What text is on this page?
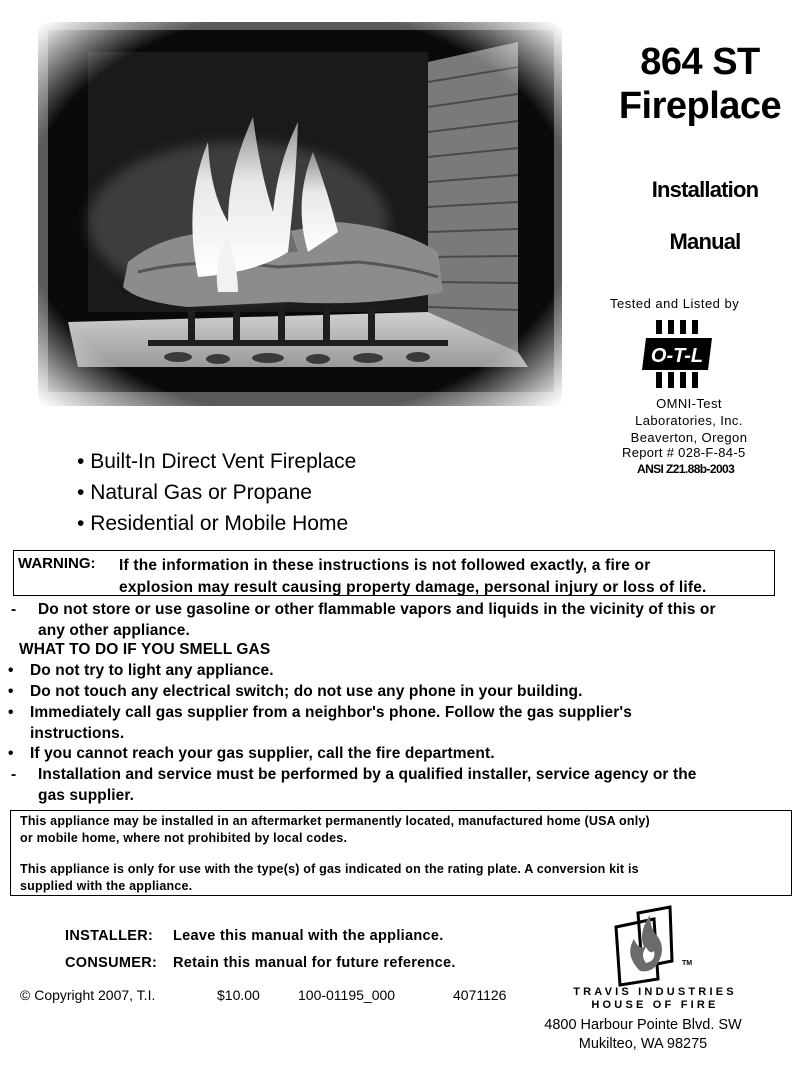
864 ST
Fireplace
Installation
Manual
Tested and Listed by
O-T-L
OMNI-Test
Laboratories, Inc.
Beaverton, Oregon
Report # 028-F-84-5
ANSI Z21.88b-2003
• Built-In Direct Vent Fireplace
• Natural Gas or Propane
• Residential or Mobile Home
WARNING: If the information in these instructions is not followed exactly, a fire or
explosion may result causing property damage, personal injury or loss of life.
- Do not store or use gasoline or other flammable vapors and liquids in the vicinity of this or
any other appliance.
WHAT TO DO IF YOU SMELL GAS
• Do not try to light any appliance.
• Do not touch any electrical switch; do not use any phone in your building.
• Immediately call gas supplier from a neighbor's phone. Follow the gas supplier's
instructions.
• If you cannot reach your gas supplier, call the fire department.
- Installation and service must be performed by a qualified installer, service agency or the
gas supplier.
This appliance may be installed in an aftermarket permanently located, manufactured home (USA only)
or mobile home, where not prohibited by local codes.
This appliance is only for use with the type(s) of gas indicated on the rating plate. A conversion kit is
supplied with the appliance.
INSTALLER: Leave this manual with the appliance.
CONSUMER: Retain this manual for future reference.
© Copyright 2007, T.I.	$10.00	100-01195_000	4071126
TM
TRAVIS INDUSTRIES
HOUSE OF FIRE
4800 Harbour Pointe Blvd. SW
Mukilteo, WA 98275
